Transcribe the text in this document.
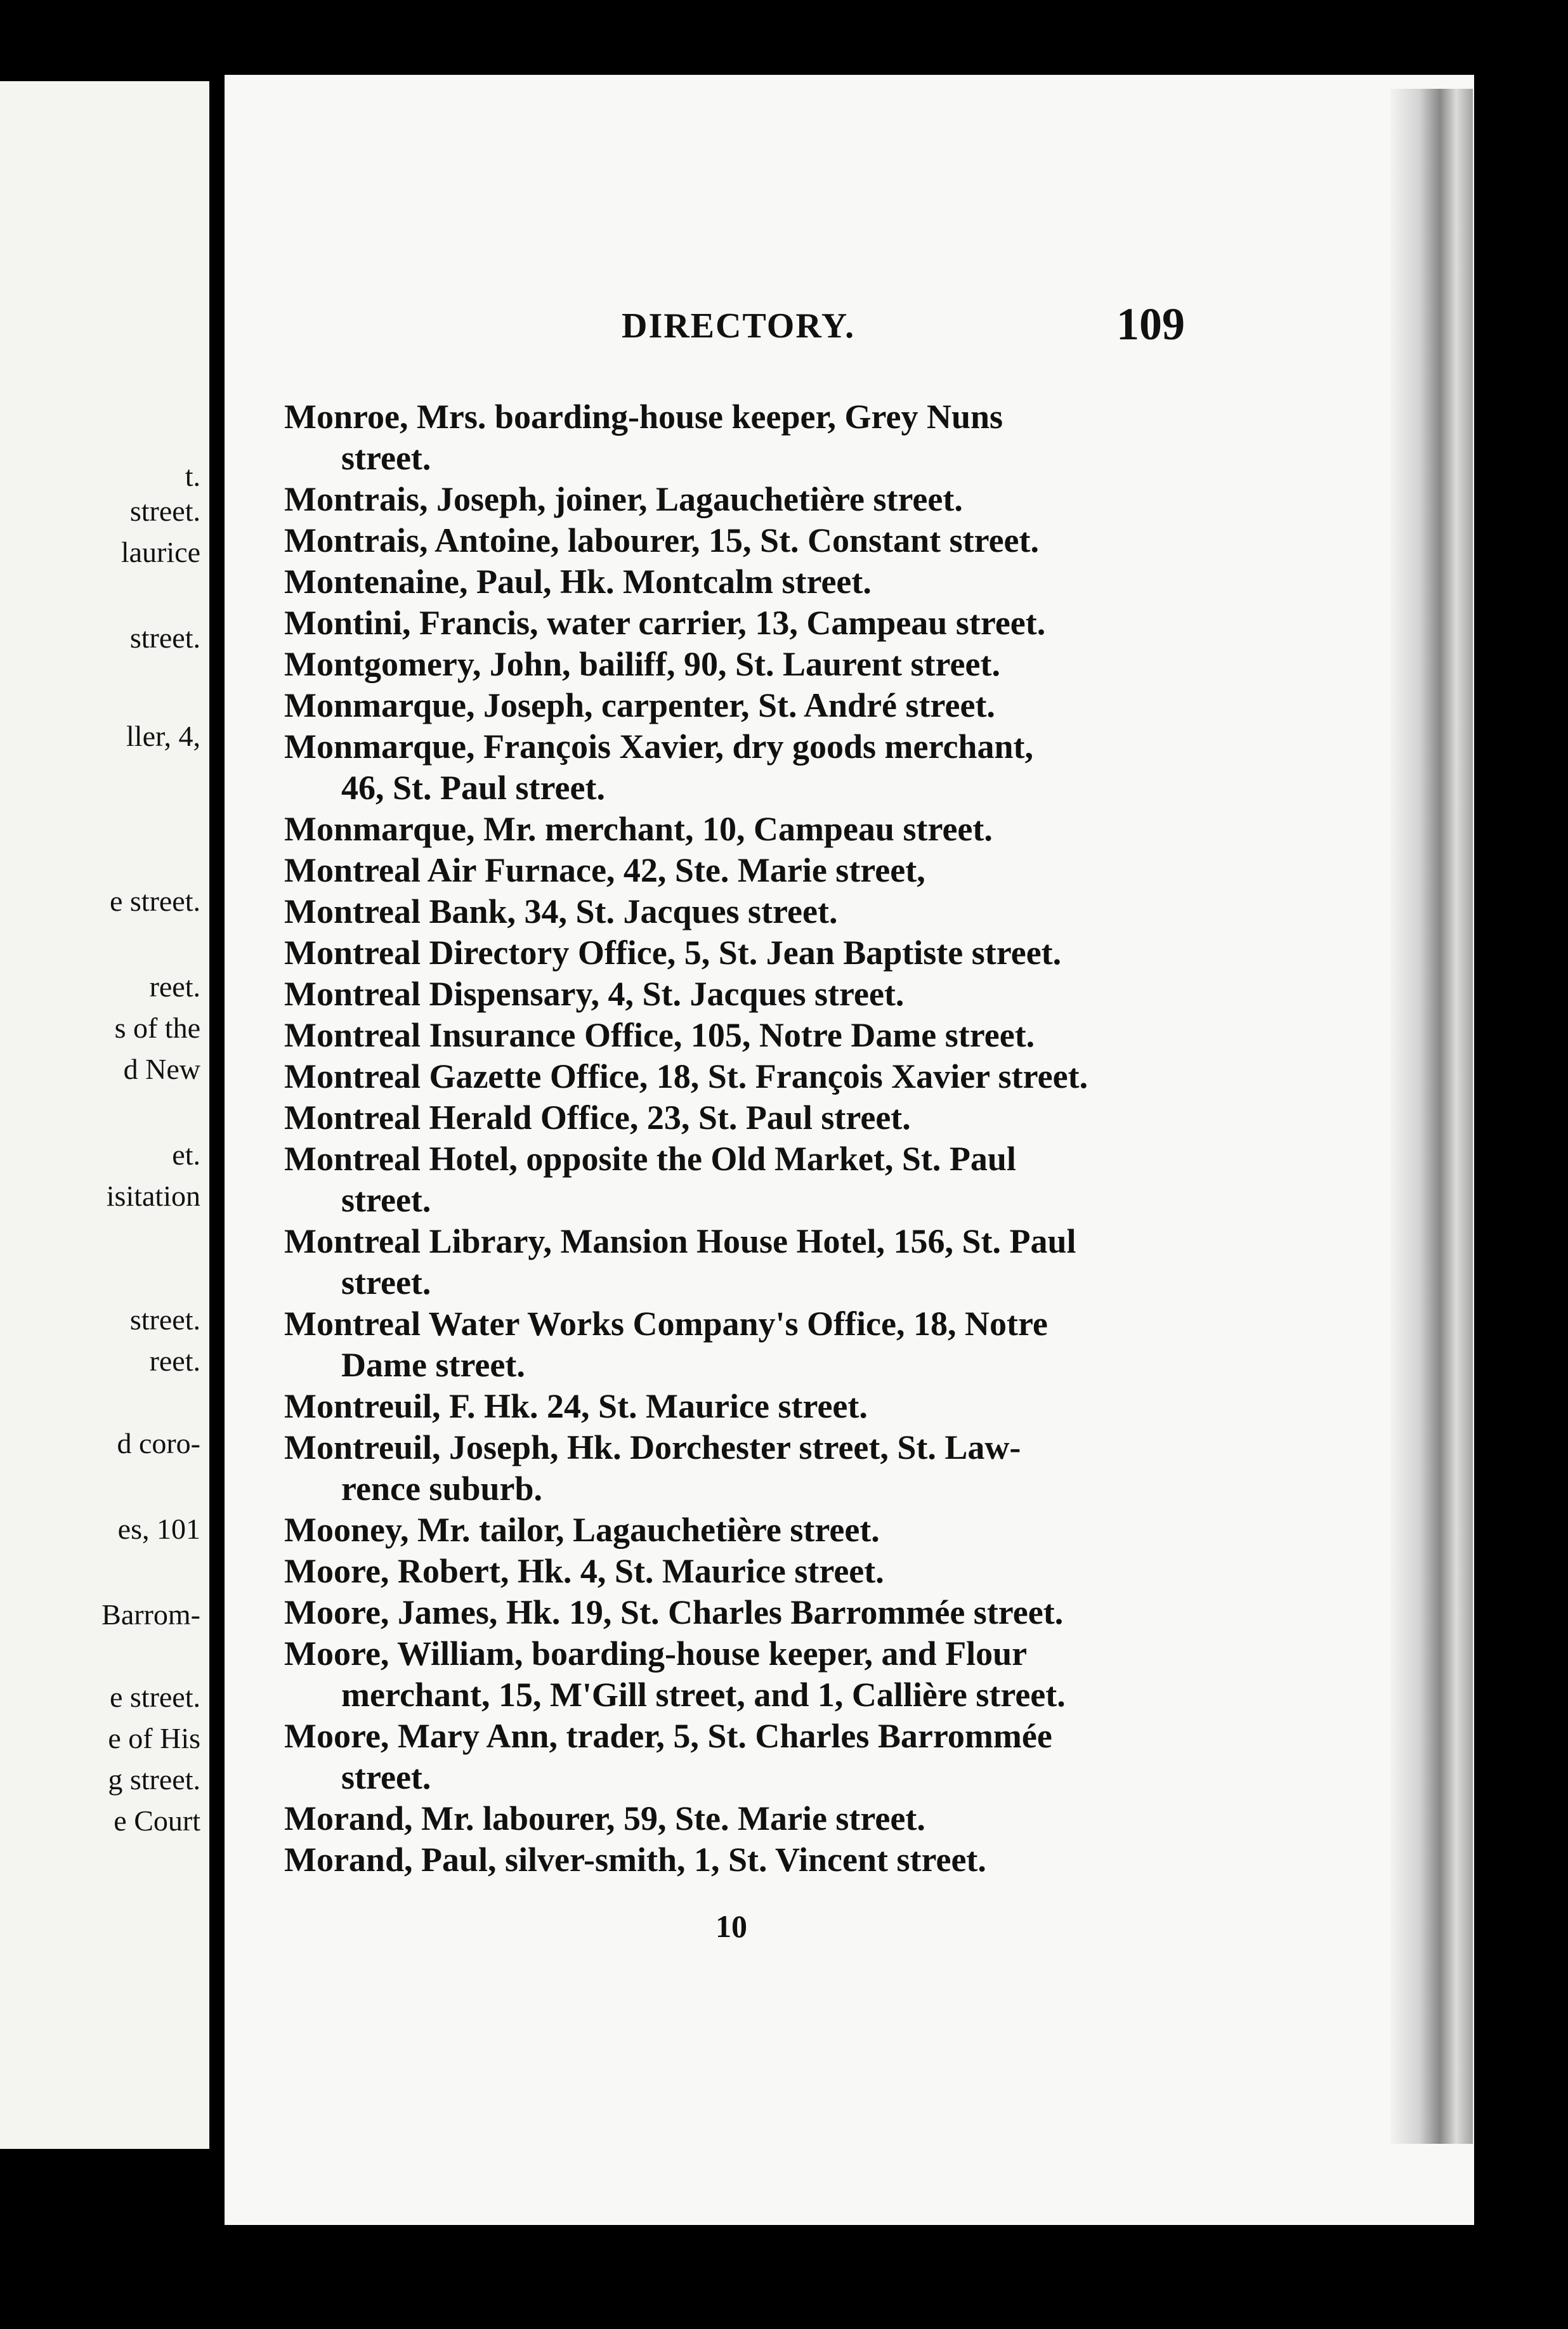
t.
street.
laurice
street.
ller, 4,
e street.
reet.
s of the
d New
et.
isitation
street.
reet.
d coro-
es, 101
Barrom-
e street.
e of His
g street.
e Court
DIRECTORY.	109
Monroe, Mrs. boarding-house keeper, Grey Nuns
street.
Montrais, Joseph, joiner, Lagauchetière street.
Montrais, Antoine, labourer, 15, St. Constant street.
Montenaine, Paul, Hk. Montcalm street.
Montini, Francis, water carrier, 13, Campeau street.
Montgomery, John, bailiff, 90, St. Laurent street.
Monmarque, Joseph, carpenter, St. André street.
Monmarque, François Xavier, dry goods merchant,
46, St. Paul street.
Monmarque, Mr. merchant, 10, Campeau street.
Montreal Air Furnace, 42, Ste. Marie street,
Montreal Bank, 34, St. Jacques street.
Montreal Directory Office, 5, St. Jean Baptiste street.
Montreal Dispensary, 4, St. Jacques street.
Montreal Insurance Office, 105, Notre Dame street.
Montreal Gazette Office, 18, St. François Xavier street.
Montreal Herald Office, 23, St. Paul street.
Montreal Hotel, opposite the Old Market, St. Paul
street.
Montreal Library, Mansion House Hotel, 156, St. Paul
street.
Montreal Water Works Company's Office, 18, Notre
Dame street.
Montreuil, F. Hk. 24, St. Maurice street.
Montreuil, Joseph, Hk. Dorchester street, St. Law-
rence suburb.
Mooney, Mr. tailor, Lagauchetière street.
Moore, Robert, Hk. 4, St. Maurice street.
Moore, James, Hk. 19, St. Charles Barrommée street.
Moore, William, boarding-house keeper, and Flour
merchant, 15, M'Gill street, and 1, Callière street.
Moore, Mary Ann, trader, 5, St. Charles Barrommée
street.
Morand, Mr. labourer, 59, Ste. Marie street.
Morand, Paul, silver-smith, 1, St. Vincent street.
10
